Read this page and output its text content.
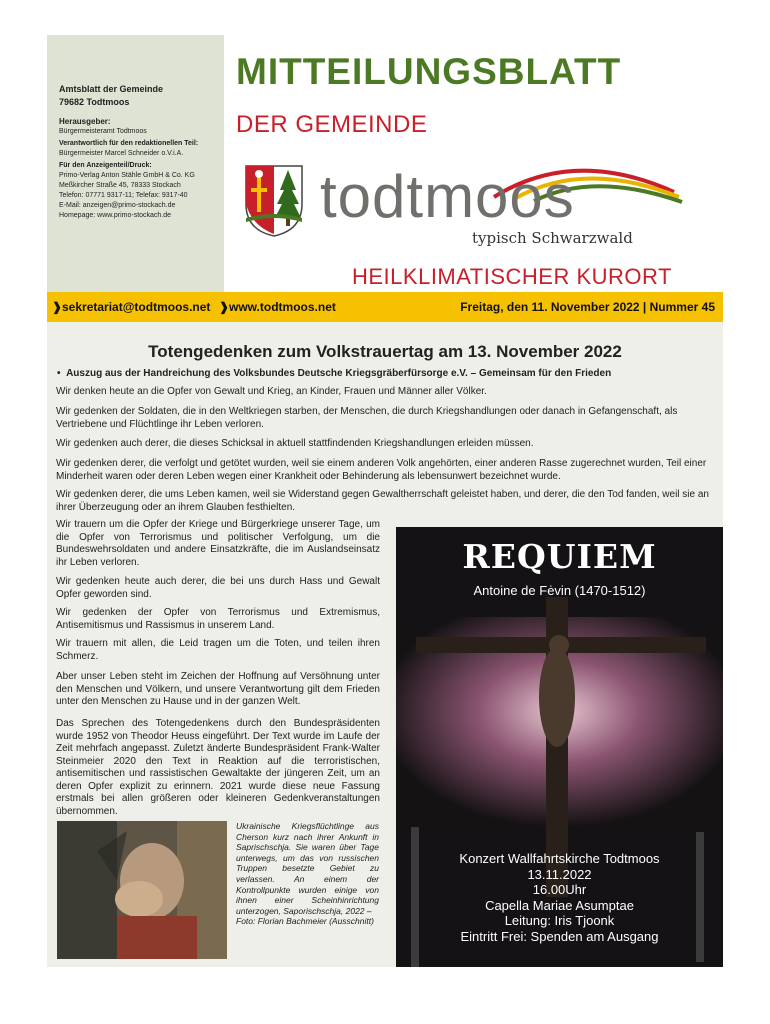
Amtsblatt der Gemeinde
79682 Todtmoos
Herausgeber:
Bürgermeisteramt Todtmoos
Verantwortlich für den redaktionellen Teil:
Bürgermeister Marcel Schneider o.V.i.A.
Für den Anzeigenteil/Druck:
Primo-Verlag Anton Stähle GmbH & Co. KG
Meßkircher Straße 45, 78333 Stockach
Telefon: 07771 9317-11; Telefax: 9317-40
E-Mail: anzeigen@primo-stockach.de
Homepage: www.primo-stockach.de
MITTEILUNGSBLATT
DER GEMEINDE
todtmoos
typisch Schwarzwald
HEILKLIMATISCHER KURORT
❱ sekretariat@todtmoos.net ❱ www.todtmoos.net	Freitag, den 11. November 2022 | Nummer 45
Totengedenken zum Volkstrauertag am 13. November 2022
•  Auszug aus der Handreichung des Volksbundes Deutsche Kriegsgräberfürsorge e.V. – Gemeinsam für den Frieden
Wir denken heute an die Opfer von Gewalt und Krieg, an Kinder, Frauen und Männer aller Völker.
Wir gedenken der Soldaten, die in den Weltkriegen starben, der Menschen, die durch Kriegshandlungen oder danach in Gefangenschaft, als Vertriebene und Flüchtlinge ihr Leben verloren.
Wir gedenken auch derer, die dieses Schicksal in aktuell stattfindenden Kriegshandlungen erleiden müssen.
Wir gedenken derer, die verfolgt und getötet wurden, weil sie einem anderen Volk angehörten, einer anderen Rasse zugerechnet wurden, Teil einer Minderheit waren oder deren Leben wegen einer Krankheit oder Behinderung als lebensunwert bezeichnet wurde.
Wir gedenken derer, die ums Leben kamen, weil sie Widerstand gegen Gewaltherrschaft geleistet haben, und derer, die den Tod fanden, weil sie an ihrer Überzeugung oder an ihrem Glauben festhielten.
Wir trauern um die Opfer der Kriege und Bürgerkriege unserer Tage, um die Opfer von Terrorismus und politischer Verfolgung, um die Bundeswehrsoldaten und andere Einsatzkräfte, die im Auslandseinsatz ihr Leben verloren.
Wir gedenken heute auch derer, die bei uns durch Hass und Gewalt Opfer geworden sind.
Wir gedenken der Opfer von Terrorismus und Extremismus, Antisemitismus und Rassismus in unserem Land.
Wir trauern mit allen, die Leid tragen um die Toten, und teilen ihren Schmerz.
Aber unser Leben steht im Zeichen der Hoffnung auf Versöhnung unter den Menschen und Völkern, und unsere Verantwortung gilt dem Frieden unter den Menschen zu Hause und in der ganzen Welt.
Das Sprechen des Totengedenkens durch den Bundespräsidenten wurde 1952 von Theodor Heuss eingeführt. Der Text wurde im Laufe der Zeit mehrfach angepasst. Zuletzt änderte Bundespräsident Frank-Walter Steinmeier 2020 den Text in Reaktion auf die terroristischen, antisemitischen und rassistischen Gewaltakte der jüngeren Zeit, um an deren Opfer explizit zu erinnern. 2021 wurde diese neue Fassung erstmals bei allen größeren oder kleineren Gedenkveranstaltungen übernommen.
Ukrainische Kriegsflüchtlinge aus Cherson kurz nach ihrer Ankunft in Saprischschja. Sie waren über Tage unterwegs, um das von russischen Truppen besetzte Gebiet zu verlassen. An einem der Kontrollpunkte wurden einige von ihnen einer Scheinhinrichtung unterzogen, Saporischschja, 2022 –
Foto: Florian Bachmeier (Ausschnitt)
REQUIEM
Antoine de Fėvin (1470-1512)
Konzert Wallfahrtskirche Todtmoos
13.11.2022
16.00Uhr
Capella Mariae Asumptae
Leitung: Iris Tjoonk
Eintritt Frei: Spenden am Ausgang
